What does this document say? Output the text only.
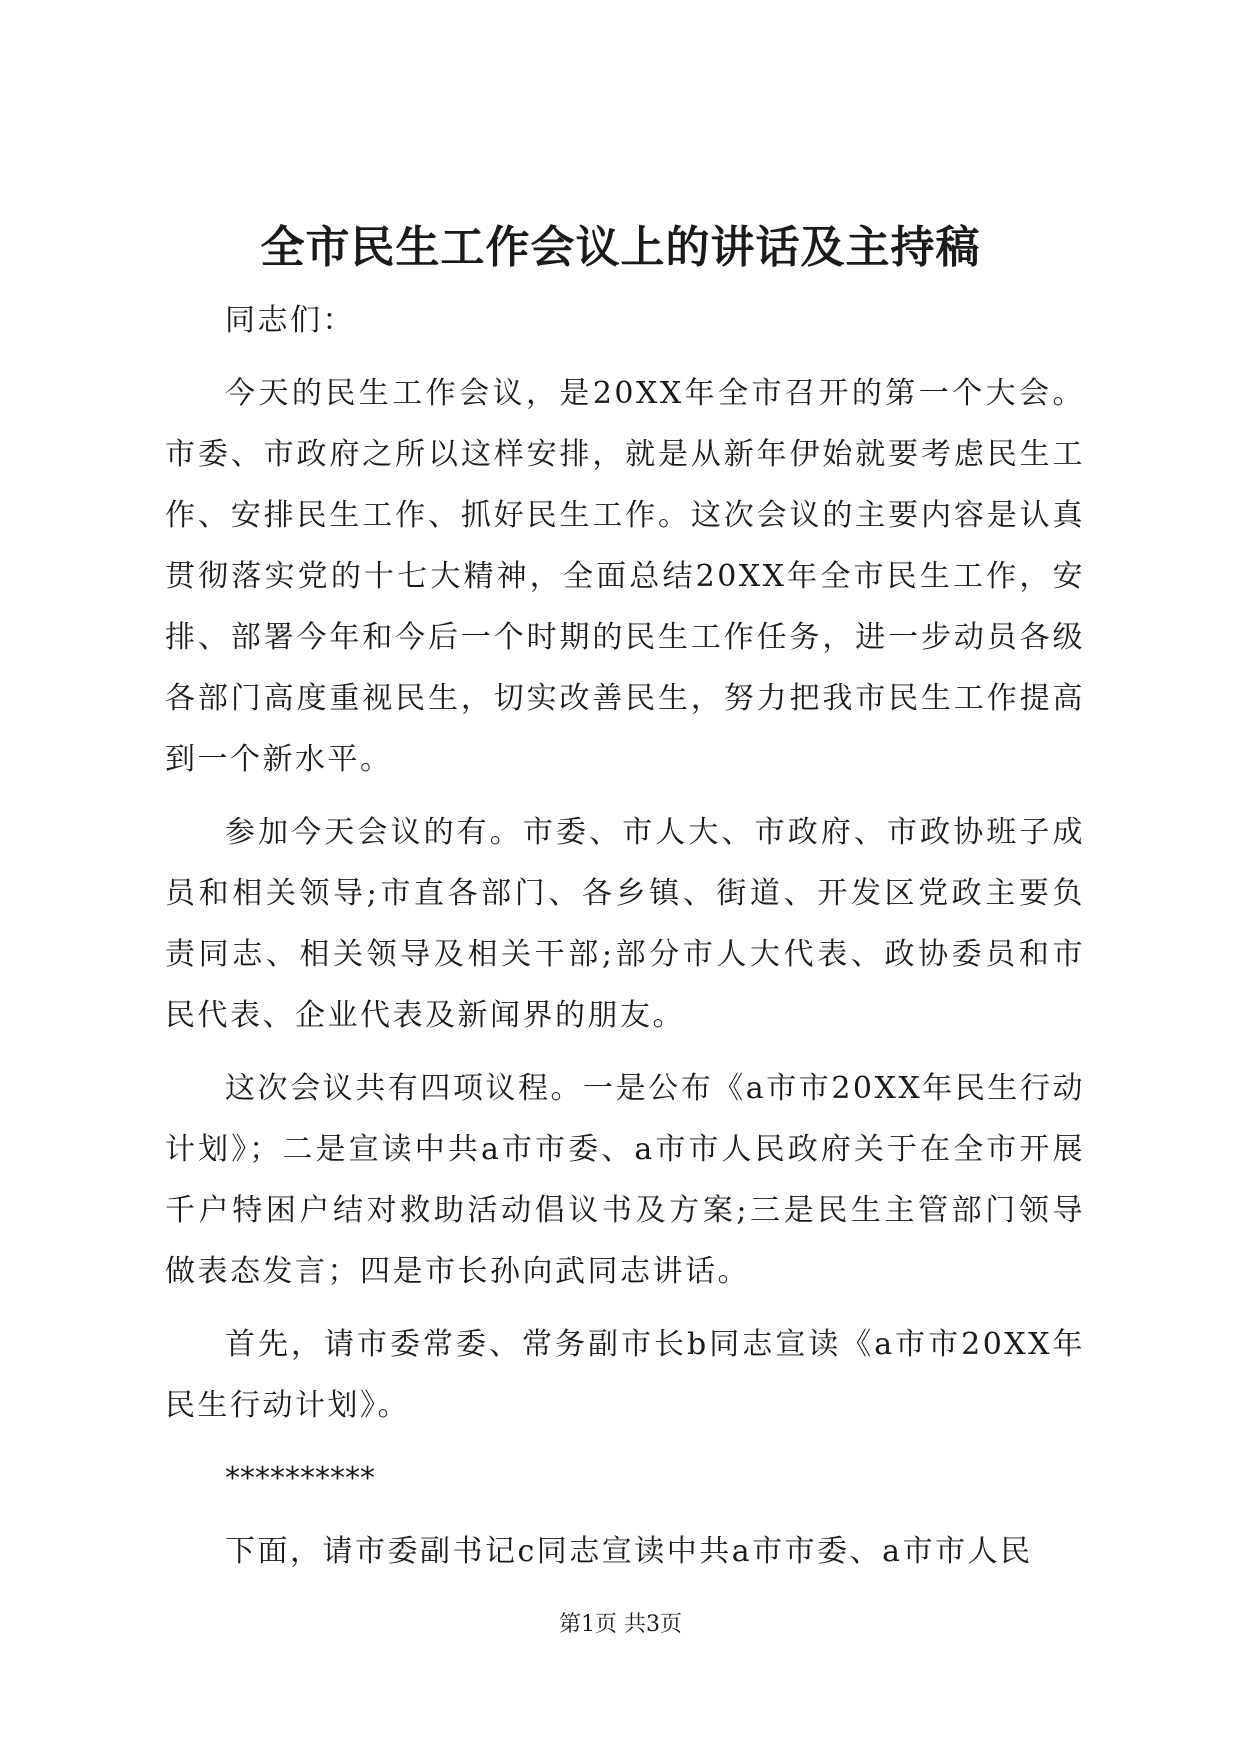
全市民生工作会议上的讲话及主持稿

同志们：

今天的民生工作会议，是20XX年全市召开的第一个大会。市委、市政府之所以这样安排，就是从新年伊始就要考虑民生工作、安排民生工作、抓好民生工作。这次会议的主要内容是认真贯彻落实党的十七大精神，全面总结20XX年全市民生工作，安排、部署今年和今后一个时期的民生工作任务，进一步动员各级各部门高度重视民生，切实改善民生，努力把我市民生工作提高到一个新水平。

参加今天会议的有。市委、市人大、市政府、市政协班子成员和相关领导;市直各部门、各乡镇、街道、开发区党政主要负责同志、相关领导及相关干部;部分市人大代表、政协委员和市民代表、企业代表及新闻界的朋友。

这次会议共有四项议程。一是公布《a市市20XX年民生行动计划》；二是宣读中共a市市委、a市市人民政府关于在全市开展千户特困户结对救助活动倡议书及方案;三是民生主管部门领导做表态发言；四是市长孙向武同志讲话。

首先，请市委常委、常务副市长b同志宣读《a市市20XX年民生行动计划》。

**********

下面，请市委副书记c同志宣读中共a市市委、a市市人民

第1页 共3页
